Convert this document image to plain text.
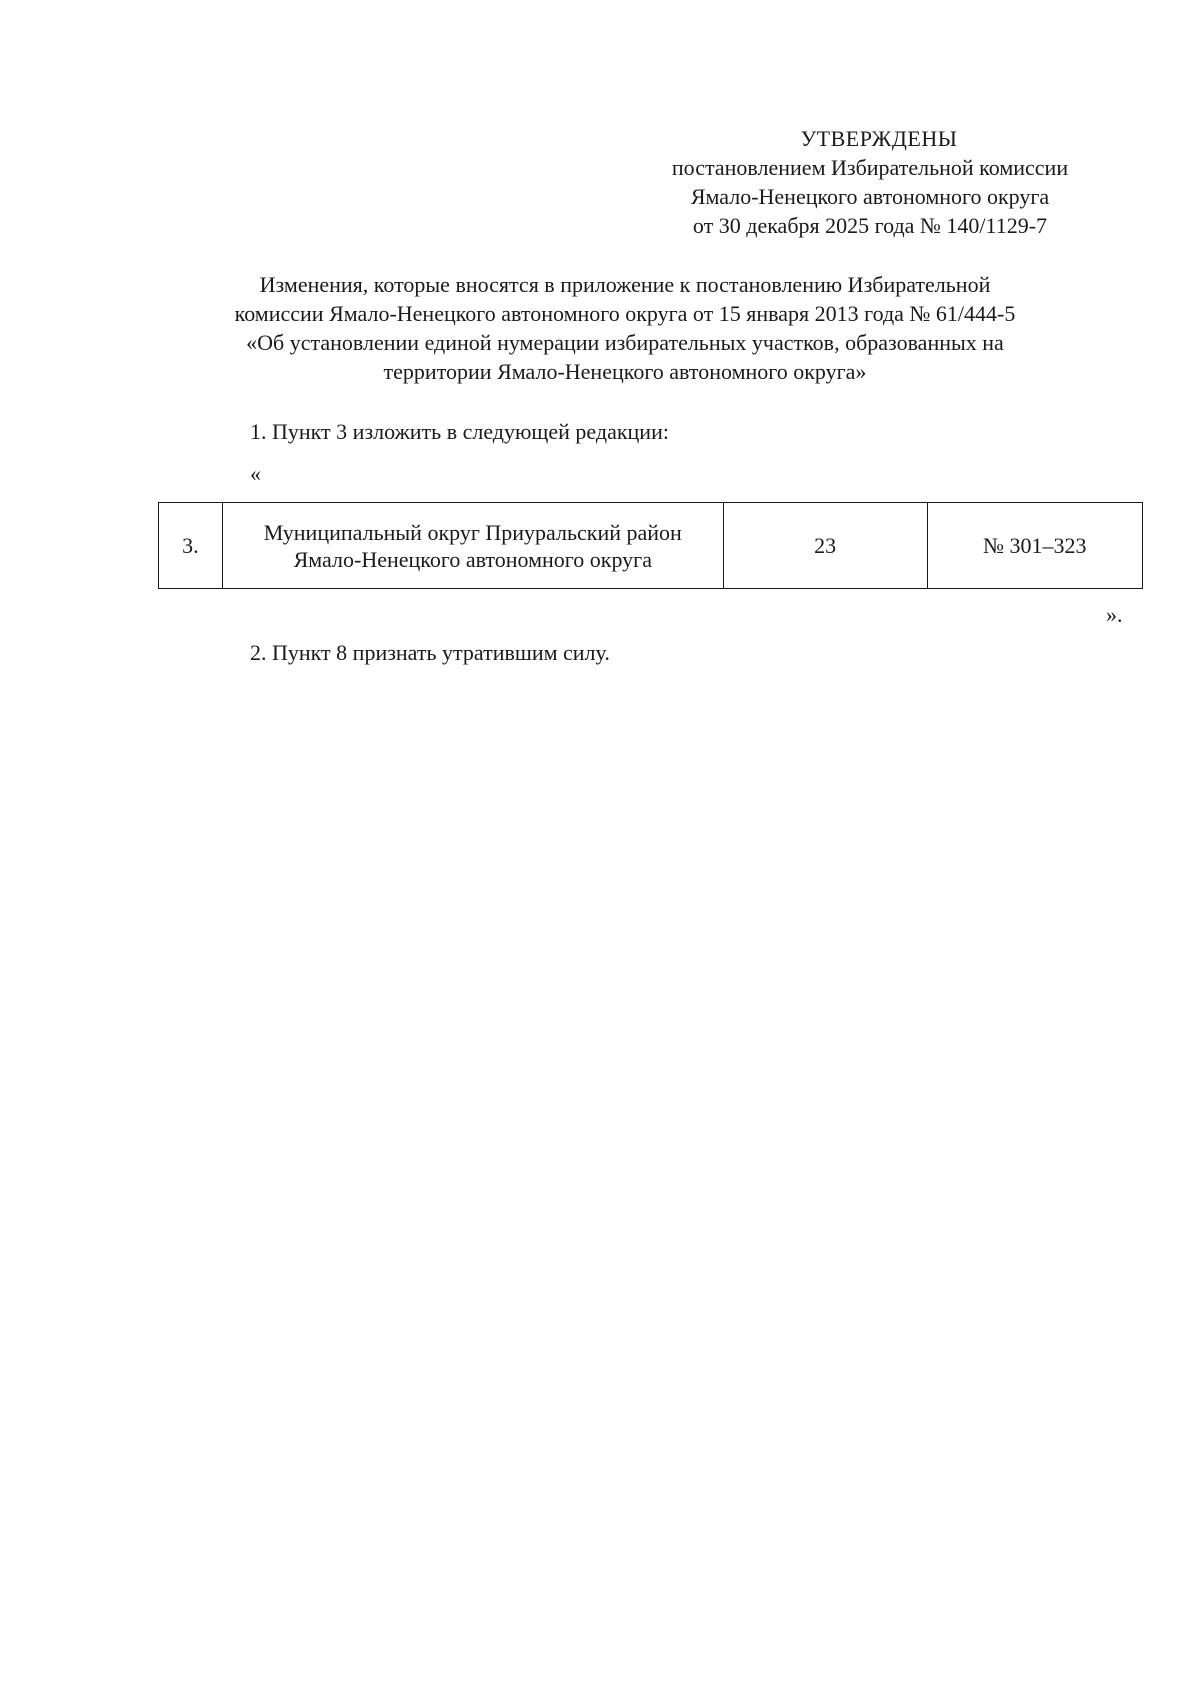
УТВЕРЖДЕНЫ
постановлением Избирательной комиссии
Ямало-Ненецкого автономного округа
от 30 декабря 2025 года № 140/1129-7
Изменения, которые вносятся в приложение к постановлению Избирательной
комиссии Ямало-Ненецкого автономного округа от 15 января 2013 года № 61/444-5
«Об установлении единой нумерации избирательных участков, образованных на
территории Ямало-Ненецкого автономного округа»
1. Пункт 3 изложить в следующей редакции:
«
3.	Муниципальный округ Приуральский район Ямало-Ненецкого автономного округа	23	№ 301–323
».
2. Пункт 8 признать утратившим силу.
